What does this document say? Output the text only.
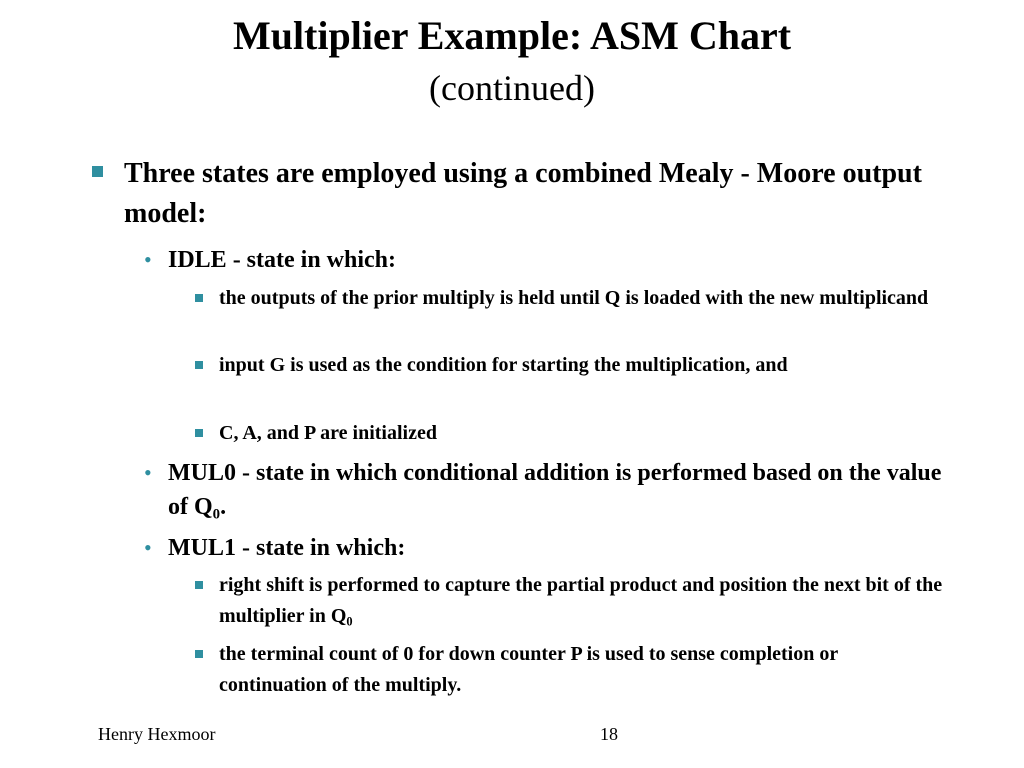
Multiplier Example: ASM Chart
(continued)
Three states are employed using a combined Mealy - Moore output model:
• IDLE - state in which:
the outputs of the prior multiply is held until Q is loaded with the new multiplicand
input G is used as the condition for starting the multiplication, and
C, A, and P are initialized
• MUL0 - state in which conditional addition is performed based on the value of $Q_0$.
• MUL1 - state in which:
right shift is performed to capture the partial product and position the next bit of the multiplier in $Q_0$
the terminal count of 0 for down counter P is used to sense completion or continuation of the multiply.
Henry Hexmoor	18
